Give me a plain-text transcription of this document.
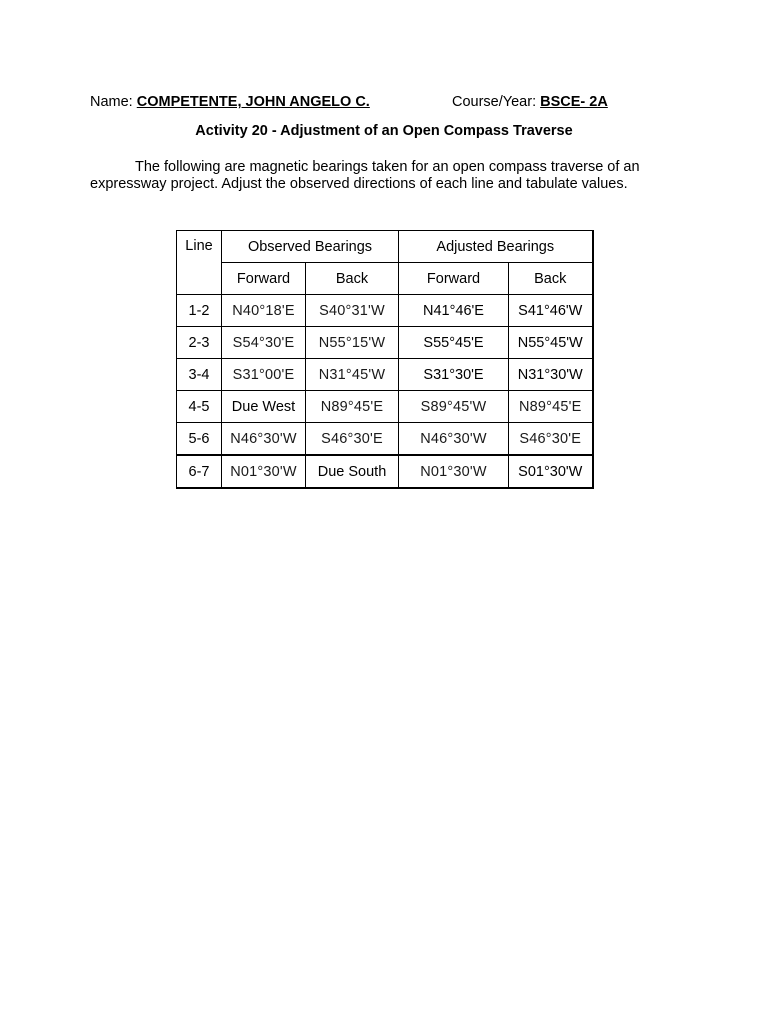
Name: COMPETENTE, JOHN ANGELO C.	Course/Year: BSCE- 2A
Activity 20 - Adjustment of an Open Compass Traverse
The following are magnetic bearings taken for an open compass traverse of an expressway project. Adjust the observed directions of each line and tabulate values.
Line	Observed Bearings		Adjusted Bearings	
	Forward	Back	Forward	Back
1-2	N40°18'E	S40°31'W	N41°46'E	S41°46'W
2-3	S54°30'E	N55°15'W	S55°45'E	N55°45'W
3-4	S31°00'E	N31°45'W	S31°30'E	N31°30'W
4-5	Due West	N89°45'E	S89°45'W	N89°45'E
5-6	N46°30'W	S46°30'E	N46°30'W	S46°30'E
6-7	N01°30'W	Due South	N01°30'W	S01°30'W
